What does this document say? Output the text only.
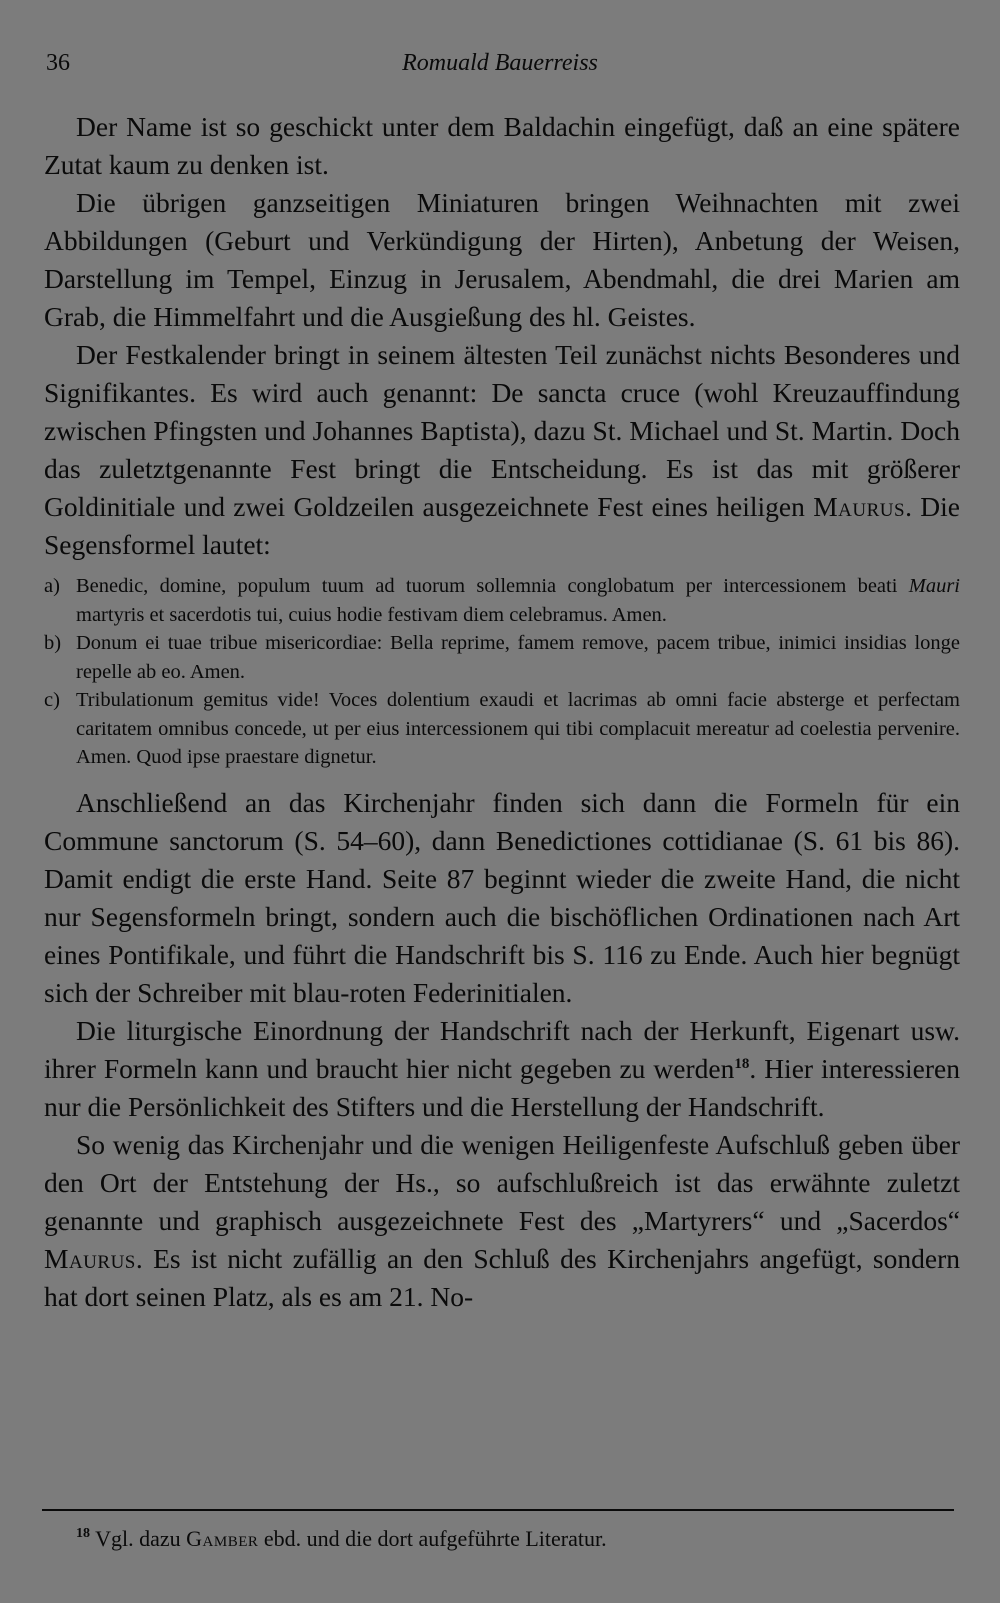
36	Romuald Bauerreiss

Der Name ist so geschickt unter dem Baldachin eingefügt, daß an eine spätere Zutat kaum zu denken ist.

Die übrigen ganzseitigen Miniaturen bringen Weihnachten mit zwei Abbildungen (Geburt und Verkündigung der Hirten), Anbetung der Weisen, Darstellung im Tempel, Einzug in Jerusalem, Abendmahl, die drei Marien am Grab, die Himmelfahrt und die Ausgießung des hl. Geistes.

Der Festkalender bringt in seinem ältesten Teil zunächst nichts Besonderes und Signifikantes. Es wird auch genannt: De sancta cruce (wohl Kreuzauffindung zwischen Pfingsten und Johannes Baptista), dazu St. Michael und St. Martin. Doch das zuletztgenannte Fest bringt die Entscheidung. Es ist das mit größerer Goldinitiale und zwei Goldzeilen ausgezeichnete Fest eines heiligen Maurus. Die Segensformel lautet:

a) Benedic, domine, populum tuum ad tuorum sollemnia conglobatum per intercessionem beati Mauri martyris et sacerdotis tui, cuius hodie festivam diem celebramus. Amen.
b) Donum ei tuae tribue misericordiae: Bella reprime, famem remove, pacem tribue, inimici insidias longe repelle ab eo. Amen.
c) Tribulationum gemitus vide! Voces dolentium exaudi et lacrimas ab omni facie absterge et perfectam caritatem omnibus concede, ut per eius intercessionem qui tibi complacuit mereatur ad coelestia pervenire. Amen. Quod ipse praestare dignetur.

Anschließend an das Kirchenjahr finden sich dann die Formeln für ein Commune sanctorum (S. 54–60), dann Benedictiones cottidianae (S. 61 bis 86). Damit endigt die erste Hand. Seite 87 beginnt wieder die zweite Hand, die nicht nur Segensformeln bringt, sondern auch die bischöflichen Ordinationen nach Art eines Pontifikale, und führt die Handschrift bis S. 116 zu Ende. Auch hier begnügt sich der Schreiber mit blau-roten Federinitialen.

Die liturgische Einordnung der Handschrift nach der Herkunft, Eigenart usw. ihrer Formeln kann und braucht hier nicht gegeben zu werden$^{18}$. Hier interessieren nur die Persönlichkeit des Stifters und die Herstellung der Handschrift.

So wenig das Kirchenjahr und die wenigen Heiligenfeste Aufschluß geben über den Ort der Entstehung der Hs., so aufschlußreich ist das erwähnte zuletzt genannte und graphisch ausgezeichnete Fest des „Martyrers“ und „Sacerdos“ Maurus. Es ist nicht zufällig an den Schluß des Kirchenjahrs angefügt, sondern hat dort seinen Platz, als es am 21. No-

$^{18}$ Vgl. dazu Gamber ebd. und die dort aufgeführte Literatur.
